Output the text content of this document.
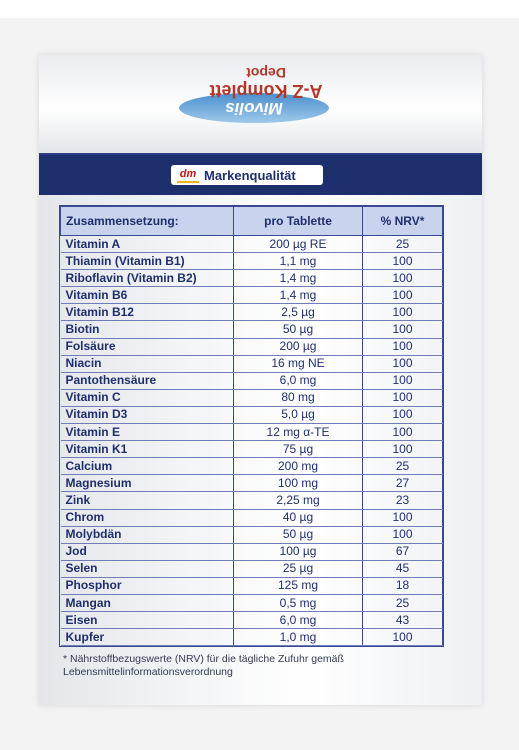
Mivolis
A-Z Komplett
Depot
dm Markenqualität
Zusammensetzung:	pro Tablette	% NRV*
Vitamin A	200 µg RE	25
Thiamin (Vitamin B1)	1,1 mg	100
Riboflavin (Vitamin B2)	1,4 mg	100
Vitamin B6	1,4 mg	100
Vitamin B12	2,5 µg	100
Biotin	50 µg	100
Folsäure	200 µg	100
Niacin	16 mg NE	100
Pantothensäure	6,0 mg	100
Vitamin C	80 mg	100
Vitamin D3	5,0 µg	100
Vitamin E	12 mg α-TE	100
Vitamin K1	75 µg	100
Calcium	200 mg	25
Magnesium	100 mg	27
Zink	2,25 mg	23
Chrom	40 µg	100
Molybdän	50 µg	100
Jod	100 µg	67
Selen	25 µg	45
Phosphor	125 mg	18
Mangan	0,5 mg	25
Eisen	6,0 mg	43
Kupfer	1,0 mg	100
* Nährstoffbezugswerte (NRV) für die tägliche Zufuhr gemäß
Lebensmittelinformationsverordnung
